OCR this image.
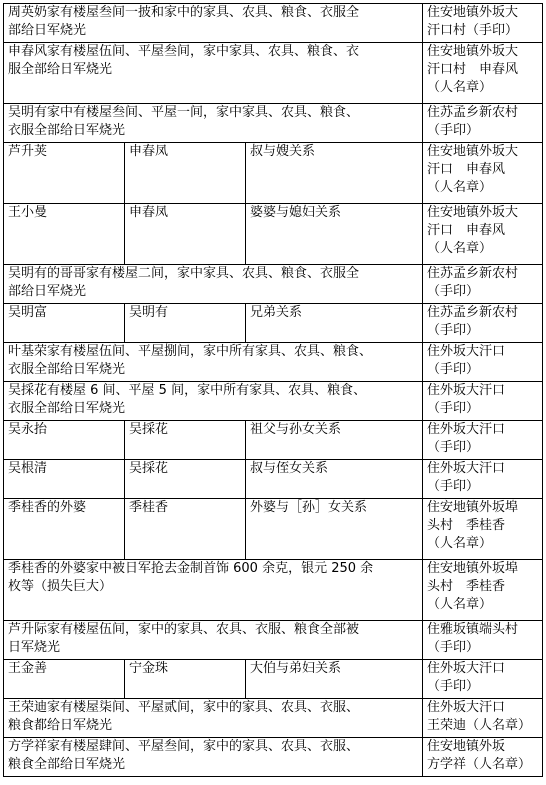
周英奶家有楼屋叁间一披和家中的家具、农具、粮食、衣服全
部给日军烧光			住安地镇外坂大
汗口村（手印）
申春风家有楼屋伍间、平屋叁间，家中家具、农具、粮食、衣
服全部给日军烧光			住安地镇外坂大
汗口村　申春风
（人名章）
吴明有家中有楼屋叁间、平屋一间，家中家具、农具、粮食、
衣服全部给日军烧光			住苏孟乡新农村
（手印）
芦升荚	申春凤	叔与嫂关系	住安地镇外坂大
汗口　申春风
（人名章）
王小曼	申春凤	婆婆与媳妇关系	住安地镇外坂大
汗口　申春风
（人名章）
吴明有的哥哥家有楼屋二间，家中家具、农具、粮食、衣服全
部给日军烧光			住苏孟乡新农村
（手印）
吴明富	吴明有	兄弟关系	住苏孟乡新农村
（手印）
叶基荣家有楼屋伍间、平屋捌间，家中所有家具、农具、粮食、
衣服全部给日军烧光			住外坂大汗口
（手印）
吴採花有楼屋 6 间、平屋 5 间，家中所有家具、农具、粮食、
衣服全部给日军烧光			住外坂大汗口
（手印）
吴永抬	吴採花	祖父与孙女关系	住外坂大汗口
（手印）
吴根清	吴採花	叔与侄女关系	住外坂大汗口
（手印）
季桂香的外婆	季桂香	外婆与［孙］女关系	住安地镇外坂埠
头村　季桂香
（人名章）
季桂香的外婆家中被日军抢去金制首饰 600 余克，银元 250 余
枚等（损失巨大）			住安地镇外坂埠
头村　季桂香
（人名章）
芦升际家有楼屋伍间，家中的家具、农具、衣服、粮食全部被
日军烧光			住雅坂镇端头村
（手印）
王金善	宁金珠	大伯与弟妇关系	住外坂大汗口
（手印）
王荣迪家有楼屋柒间、平屋贰间，家中的家具、农具、衣服、
粮食都给日军烧光			住外坂大汗口
王荣迪（人名章）
方学祥家有楼屋肆间、平屋叁间，家中的家具、农具、衣服、
粮食全部给日军烧光			住安地镇外坂
方学祥（人名章）
